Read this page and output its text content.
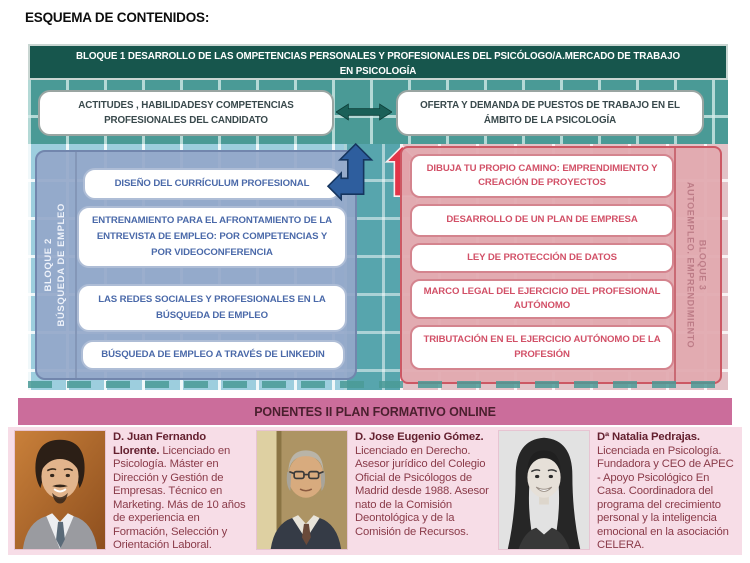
ESQUEMA DE CONTENIDOS:
BLOQUE 1 DESARROLLO DE LAS OMPETENCIAS PERSONALES Y PROFESIONALES DEL PSICÓLOGO/A.MERCADO DE TRABAJO
EN PSICOLOGÍA
ACTITUDES , HABILIDADESY COMPETENCIAS PROFESIONALES DEL CANDIDATO
OFERTA Y DEMANDA DE PUESTOS DE TRABAJO EN EL ÁMBITO DE LA PSICOLOGÍA
BLOQUE 2 BÚSQUEDA DE EMPLEO
DISEÑO DEL CURRÍCULUM PROFESIONAL
ENTRENAMIENTO PARA EL AFRONTAMIENTO DE LA ENTREVISTA DE EMPLEO: POR COMPETENCIAS Y POR VIDEOCONFERENCIA
LAS REDES SOCIALES Y PROFESIONALES EN LA BÚSQUEDA DE EMPLEO
BÚSQUEDA DE EMPLEO A TRAVÉS DE LINKEDIN
DIBUJA TU PROPIO CAMINO: EMPRENDIMIENTO Y CREACIÓN DE PROYECTOS
DESARROLLO DE UN PLAN DE EMPRESA
LEY DE PROTECCIÓN DE DATOS
MARCO LEGAL DEL EJERCICIO DEL PROFESIONAL AUTÓNOMO
TRIBUTACIÓN EN EL EJERCICIO AUTÓNOMO DE LA PROFESIÓN
BLOQUE 3
AUTOEMPLEO. EMPRENDIMIENTO
PONENTES II PLAN FORMATIVO ONLINE

D. Juan Fernando Llorente. Licenciado en Psicología. Máster en Dirección y Gestión de Empresas. Técnico en Marketing. Más de 10 años de experiencia en Formación, Selección y Orientación Laboral.

D. Jose Eugenio Gómez. Licenciado en Derecho. Asesor jurídico del Colegio Oficial de Psicólogos de Madrid desde 1988. Asesor nato de la Comisión Deontológica y de la Comisión de Recursos.

Dª Natalia Pedrajas. Licenciada en Psicología. Fundadora y CEO de APEC - Apoyo Psicológico En Casa. Coordinadora del programa del crecimiento personal y la inteligencia emocional en la asociación CELERA.
